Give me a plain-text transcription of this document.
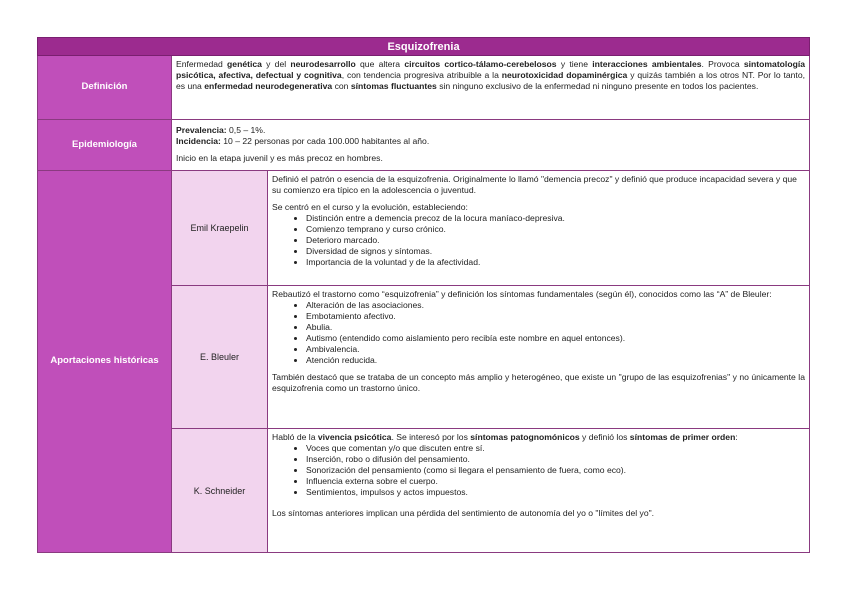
Esquizofrenia
Definición

Enfermedad genética y del neurodesarrollo que altera circuitos cortico-tálamo-cerebelosos y tiene interacciones ambientales. Provoca sintomatología psicótica, afectiva, defectual y cognitiva, con tendencia progresiva atribuible a la neurotoxicidad dopaminérgica y quizás también a los otros NT. Por lo tanto, es una enfermedad neurodegenerativa con síntomas fluctuantes sin ninguno exclusivo de la enfermedad ni ninguno presente en todos los pacientes.

Epidemiología

Prevalencia: 0,5 – 1%.

Incidencia: 10 – 22 personas por cada 100.000 habitantes al año.

Inicio en la etapa juvenil y es más precoz en hombres.

Aportaciones históricas
Emil Kraepelin

Definió el patrón o esencia de la esquizofrenia. Originalmente lo llamó "demencia precoz" y definió que produce incapacidad severa y que su comienzo era típico en la adolescencia o juventud.

Se centró en el curso y la evolución, estableciendo:

• Distinción entre a demencia precoz de la locura maníaco-depresiva.
• Comienzo temprano y curso crónico.
• Deterioro marcado.
• Diversidad de signos y síntomas.
• Importancia de la voluntad y de la afectividad.
E. Bleuler

Rebautizó el trastorno como “esquizofrenia” y definición los síntomas fundamentales (según él), conocidos como las “A” de Bleuler:

• Alteración de las asociaciones.
• Embotamiento afectivo.
• Abulia.
• Autismo (entendido como aislamiento pero recibía este nombre en aquel entonces).
• Ambivalencia.
• Atención reducida.

También destacó que se trataba de un concepto más amplio y heterogéneo, que existe un "grupo de las esquizofrenias" y no únicamente la esquizofrenia como un trastorno único.

K. Schneider

Habló de la vivencia psicótica. Se interesó por los síntomas patognomónicos y definió los síntomas de primer orden:

• Voces que comentan y/o que discuten entre sí.
• Inserción, robo o difusión del pensamiento.
• Sonorización del pensamiento (como si llegara el pensamiento de fuera, como eco).
• Influencia externa sobre el cuerpo.
• Sentimientos, impulsos y actos impuestos.

Los síntomas anteriores implican una pérdida del sentimiento de autonomía del yo o "límites del yo".
